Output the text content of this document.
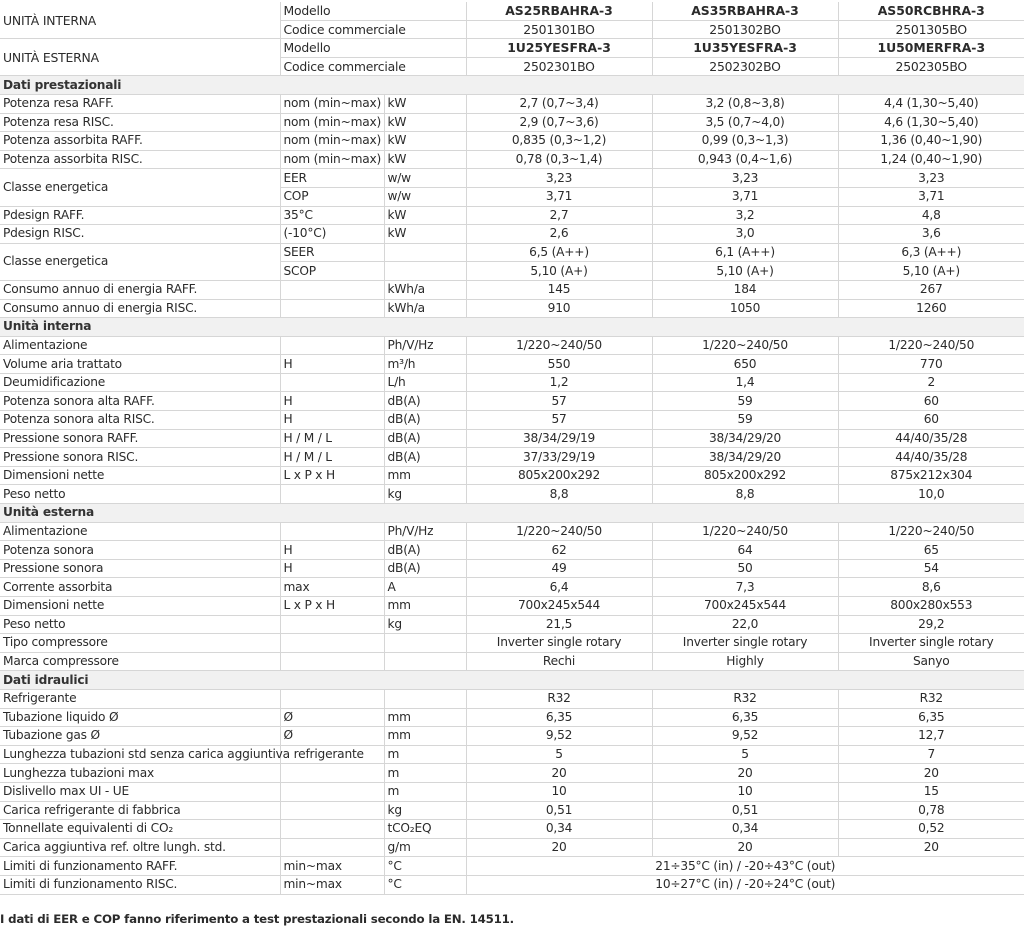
UNITÀ INTERNA	Modello		AS25RBAHRA-3	AS35RBAHRA-3	AS50RCBHRA-3
	Codice commerciale		2501301BO	2501302BO	2501305BO
UNITÀ ESTERNA	Modello		1U25YESFRA-3	1U35YESFRA-3	1U50MERFRA-3
	Codice commerciale		2502301BO	2502302BO	2502305BO
Dati prestazionali					
Potenza resa RAFF.	nom (min~max)	kW	2,7 (0,7~3,4)	3,2 (0,8~3,8)	4,4 (1,30~5,40)
Potenza resa RISC.	nom (min~max)	kW	2,9 (0,7~3,6)	3,5 (0,7~4,0)	4,6 (1,30~5,40)
Potenza assorbita RAFF.	nom (min~max)	kW	0,835 (0,3~1,2)	0,99 (0,3~1,3)	1,36 (0,40~1,90)
Potenza assorbita RISC.	nom (min~max)	kW	0,78 (0,3~1,4)	0,943 (0,4~1,6)	1,24 (0,40~1,90)
Classe energetica	EER	w/w	3,23	3,23	3,23
	COP	w/w	3,71	3,71	3,71
Pdesign RAFF.	35°C	kW	2,7	3,2	4,8
Pdesign RISC.	(-10°C)	kW	2,6	3,0	3,6
Classe energetica	SEER		6,5 (A++)	6,1 (A++)	6,3 (A++)
	SCOP		5,10 (A+)	5,10 (A+)	5,10 (A+)
Consumo annuo di energia RAFF.		kWh/a	145	184	267
Consumo annuo di energia RISC.		kWh/a	910	1050	1260
Unità interna					
Alimentazione		Ph/V/Hz	1/220~240/50	1/220~240/50	1/220~240/50
Volume aria trattato	H	m³/h	550	650	770
Deumidificazione		L/h	1,2	1,4	2
Potenza sonora alta RAFF.	H	dB(A)	57	59	60
Potenza sonora alta RISC.	H	dB(A)	57	59	60
Pressione sonora RAFF.	H / M / L	dB(A)	38/34/29/19	38/34/29/20	44/40/35/28
Pressione sonora RISC.	H / M / L	dB(A)	37/33/29/19	38/34/29/20	44/40/35/28
Dimensioni nette	L x P x H	mm	805x200x292	805x200x292	875x212x304
Peso netto		kg	8,8	8,8	10,0
Unità esterna					
Alimentazione		Ph/V/Hz	1/220~240/50	1/220~240/50	1/220~240/50
Potenza sonora	H	dB(A)	62	64	65
Pressione sonora	H	dB(A)	49	50	54
Corrente assorbita	max	A	6,4	7,3	8,6
Dimensioni nette	L x P x H	mm	700x245x544	700x245x544	800x280x553
Peso netto		kg	21,5	22,0	29,2
Tipo compressore			Inverter single rotary	Inverter single rotary	Inverter single rotary
Marca compressore			Rechi	Highly	Sanyo
Dati idraulici					
Refrigerante			R32	R32	R32
Tubazione liquido Ø	Ø	mm	6,35	6,35	6,35
Tubazione gas Ø	Ø	mm	9,52	9,52	12,7
Lunghezza tubazioni std senza carica aggiuntiva refrigerante		m	5	5	7
Lunghezza tubazioni max		m	20	20	20
Dislivello max UI - UE		m	10	10	15
Carica refrigerante di fabbrica		kg	0,51	0,51	0,78
Tonnellate equivalenti di CO₂		tCO₂EQ	0,34	0,34	0,52
Carica aggiuntiva ref. oltre lungh. std.		g/m	20	20	20
Limiti di funzionamento RAFF.	min~max	°C	21÷35°C (in) / -20÷43°C (out)		
Limiti di funzionamento RISC.	min~max	°C	10÷27°C (in) / -20÷24°C (out)		
I dati di EER e COP fanno riferimento a test prestazionali secondo la EN. 14511.
